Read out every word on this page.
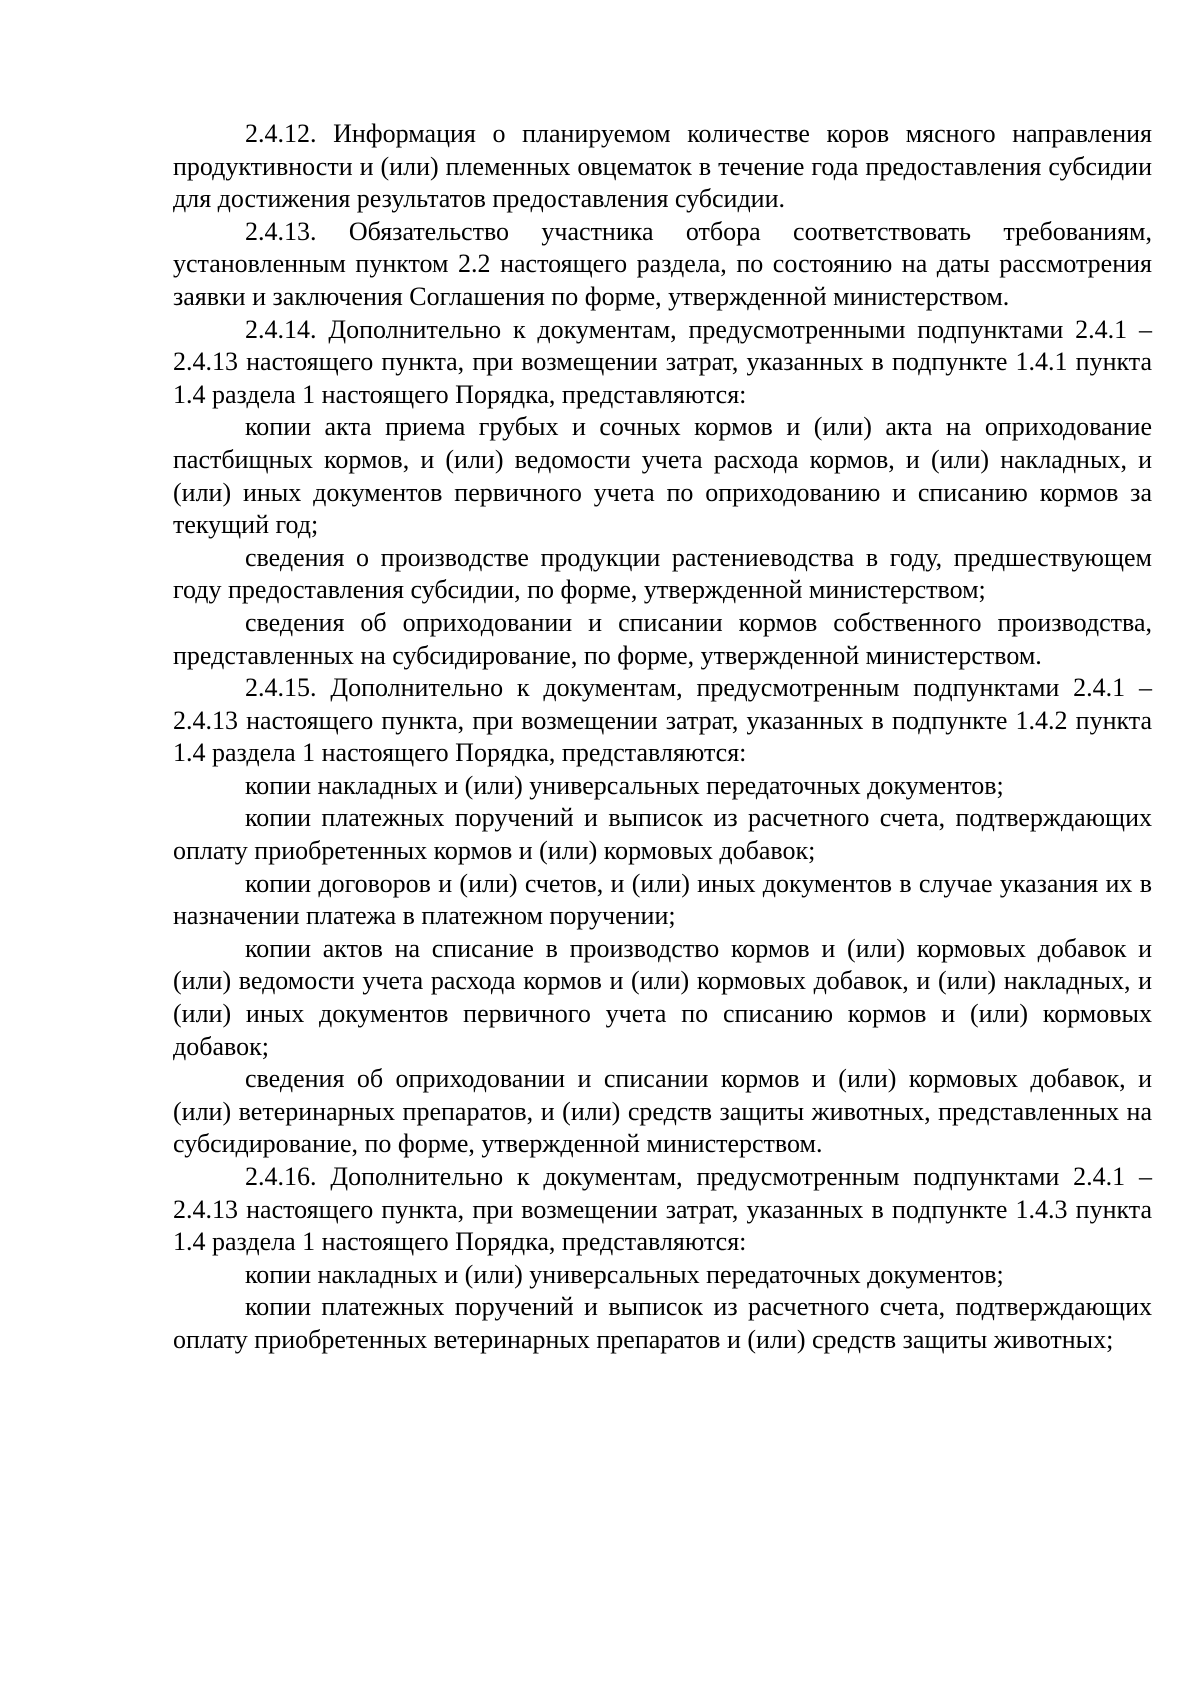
2.4.12. Информация о планируемом количестве коров мясного направления продуктивности и (или) племенных овцематок в течение года предоставления субсидии для достижения результатов предоставления субсидии.

2.4.13. Обязательство участника отбора соответствовать требованиям, установленным пунктом 2.2 настоящего раздела, по состоянию на даты рассмотрения заявки и заключения Соглашения по форме, утвержденной министерством.

2.4.14. Дополнительно к документам, предусмотренными подпунктами 2.4.1 – 2.4.13 настоящего пункта, при возмещении затрат, указанных в подпункте 1.4.1 пункта 1.4 раздела 1 настоящего Порядка, представляются:

копии акта приема грубых и сочных кормов и (или) акта на оприходование пастбищных кормов, и (или) ведомости учета расхода кормов, и (или) накладных, и (или) иных документов первичного учета по оприходованию и списанию кормов за текущий год;

сведения о производстве продукции растениеводства в году, предшествующем году предоставления субсидии, по форме, утвержденной министерством;

сведения об оприходовании и списании кормов собственного производства, представленных на субсидирование, по форме, утвержденной министерством.

2.4.15. Дополнительно к документам, предусмотренным подпунктами 2.4.1 – 2.4.13 настоящего пункта, при возмещении затрат, указанных в подпункте 1.4.2 пункта 1.4 раздела 1 настоящего Порядка, представляются:

копии накладных и (или) универсальных передаточных документов;

копии платежных поручений и выписок из расчетного счета, подтверждающих оплату приобретенных кормов и (или) кормовых добавок;

копии договоров и (или) счетов, и (или) иных документов в случае указания их в назначении платежа в платежном поручении;

копии актов на списание в производство кормов и (или) кормовых добавок и (или) ведомости учета расхода кормов и (или) кормовых добавок, и (или) накладных, и (или) иных документов первичного учета по списанию кормов и (или) кормовых добавок;

сведения об оприходовании и списании кормов и (или) кормовых добавок, и (или) ветеринарных препаратов, и (или) средств защиты животных, представленных на субсидирование, по форме, утвержденной министерством.

2.4.16. Дополнительно к документам, предусмотренным подпунктами 2.4.1 – 2.4.13 настоящего пункта, при возмещении затрат, указанных в подпункте 1.4.3 пункта 1.4 раздела 1 настоящего Порядка, представляются:

копии накладных и (или) универсальных передаточных документов;

копии платежных поручений и выписок из расчетного счета, подтверждающих оплату приобретенных ветеринарных препаратов и (или) средств защиты животных;
